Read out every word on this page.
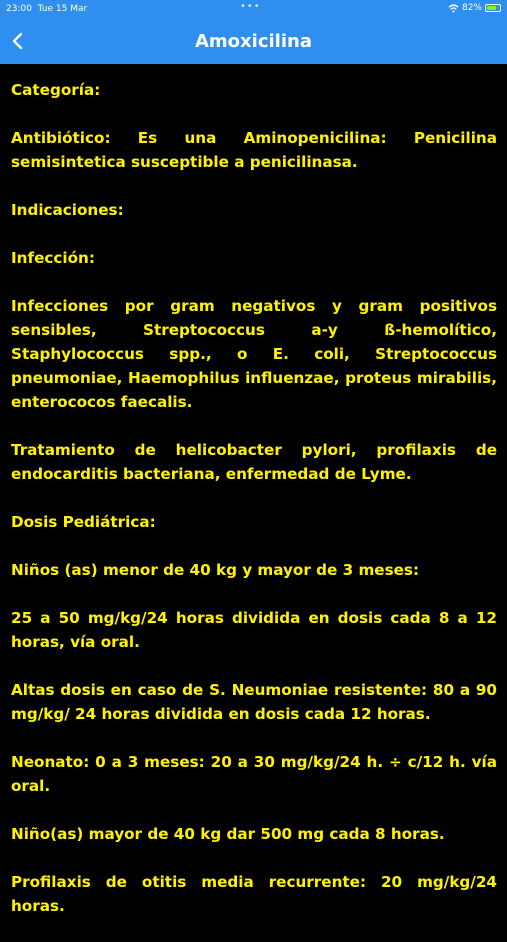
23:00 Tue 15 Mar	•••	82%
Amoxicilina

Categoría:

Antibiótico: Es una Aminopenicilina: Penicilina semisintetica susceptible a penicilinasa.

Indicaciones:

Infección:

Infecciones por gram negativos y gram positivos sensibles, Streptococcus a-y ß-hemolítico, Staphylococcus spp., o E. coli, Streptococcus pneumoniae, Haemophilus influenzae, proteus mirabilis, enterococos faecalis.

Tratamiento de helicobacter pylori, profilaxis de endocarditis bacteriana, enfermedad de Lyme.

Dosis Pediátrica:

Niños (as) menor de 40 kg y mayor de 3 meses:

25 a 50 mg/kg/24 horas dividida en dosis cada 8 a 12 horas, vía oral.

Altas dosis en caso de S. Neumoniae resistente: 80 a 90 mg/kg/ 24 horas dividida en dosis cada 12 horas.

Neonato: 0 a 3 meses: 20 a 30 mg/kg/24 h. ÷ c/12 h. vía oral.

Niño(as) mayor de 40 kg dar 500 mg cada 8 horas.

Profilaxis de otitis media recurrente: 20 mg/kg/24 horas.
